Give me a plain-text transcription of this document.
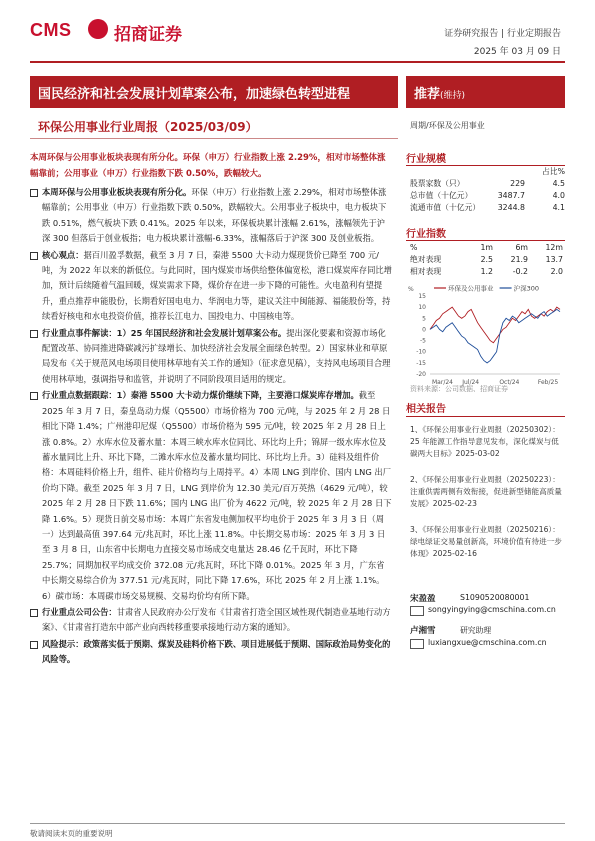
CMS	招商证券	证券研究报告 | 行业定期报告
2025 年 03 月 09 日
国民经济和社会发展计划草案公布，加速绿色转型进程	推荐(维持)
环保公用事业行业周报（2025/03/09）	周期/环保及公用事业
本周环保与公用事业板块表现有所分化。环保（申万）行业指数上涨 2.29%，相对市场整体涨幅靠前；公用事业（申万）行业指数下跌 0.50%，跌幅较大。
本周环保与公用事业板块表现有所分化。环保（申万）行业指数上涨 2.29%，相对市场整体涨幅靠前；公用事业（申万）行业指数下跌 0.50%，跌幅较大。公用事业子板块中，电力板块下跌 0.51%，燃气板块下跌 0.41%。2025 年以来，环保板块累计涨幅 2.61%，涨幅领先于沪深 300 但落后于创业板指；电力板块累计涨幅-6.33%，涨幅落后于沪深 300 及创业板指。
核心观点：据百川盈孚数据，截至 3 月 7 日，秦港 5500 大卡动力煤现货价已降至 700 元/吨，为 2022 年以来的新低位。与此同时，国内煤炭市场供给整体偏宽松，港口煤炭库存同比增加，预计后续随着气温回暖，煤炭需求下降，煤价存在进一步下降的可能性。火电盈利有望提升，重点推荐申能股份，长期看好国电电力、华润电力等，建议关注中闽能源、福能股份等，持续看好核电和水电投资价值，推荐长江电力、国投电力、中国核电等。
行业重点事件解读：1）25 年国民经济和社会发展计划草案公布。提出深化要素和资源市场化配置改革、协同推进降碳减污扩绿增长、加快经济社会发展全面绿色转型。2）国家林业和草原局发布《关于规范风电场项目使用林草地有关工作的通知》（征求意见稿），支持风电场项目合理使用林草地，强调指导和监管，并说明了不同阶段项目适用的规定。
行业重点数据跟踪：1）秦港 5500 大卡动力煤价继续下降，主要港口煤炭库存增加。截至 2025 年 3 月 7 日，秦皇岛动力煤（Q5500）市场价格为 700 元/吨，与 2025 年 2 月 28 日相比下降 1.4%；广州港印尼煤（Q5500）市场价格为 595 元/吨，较 2025 年 2 月 28 日上涨 0.8%。2）水库水位及蓄水量：本周三峡水库水位同比、环比均上升；锦屏一级水库水位及蓄水量同比上升、环比下降，二滩水库水位及蓄水量均同比、环比均上升。3）硅料及组件价格：本周硅料价格上升，组件、硅片价格均与上周持平。4）本周 LNG 到岸价、国内 LNG 出厂价均下降。截至 2025 年 3 月 7 日，LNG 到岸价为 12.30 美元/百万英热（4629 元/吨），较 2025 年 2 月 28 日下跌 11.6%；国内 LNG 出厂价为 4622 元/吨，较 2025 年 2 月 28 日下降 1.6%。5）现货日前交易市场：本周广东省发电侧加权平均电价于 2025 年 3 月 3 日（周一）达到最高值 397.64 元/兆瓦时，环比上涨 11.8%。中长期交易市场：2025 年 3 月 3 日至 3 月 8 日，山东省中长期电力直接交易市场成交电量达 28.46 亿千瓦时，环比下降 25.7%；同期加权平均成交价 372.08 元/兆瓦时，环比下降 0.01%。2025 年 3 月，广东省中长期交易综合价为 377.51 元/兆瓦时，同比下降 17.6%，环比 2025 年 2 月上涨 1.1%。6）碳市场：本周碳市场交易规模、交易均价均有所下降。
行业重点公司公告：甘肃省人民政府办公厅发布《甘肃省打造全国区域性现代制造业基地行动方案》、《甘肃省打造东中部产业向西转移重要承接地行动方案的通知》。
风险提示：政策落实低于预期、煤炭及硅料价格下跌、项目进展低于预期、国际政治局势变化的风险等。
行业规模
占比%
股票家数（只）	229	4.5
总市值（十亿元）	3487.7	4.0
流通市值（十亿元）	3244.8	4.1
行业指数
%	1m	6m	12m
绝对表现	2.5	21.9	13.7
相对表现	1.2	-0.2	2.0
%
15
10
5
0
-5
-10
-15
-20
环保及公用事业	沪深300
Mar/24 Jul/24	Oct/24	Feb/25
资料来源：公司数据、招商证券
相关报告
1、《环保公用事业行业周报（20250302）：25 年能源工作指导意见发布，深化煤炭与低碳两大目标》2025-03-02
2、《环保公用事业行业周报（20250223）：注重供需两侧有效衔接，促进新型储能高质量发展》2025-02-23
3、《环保公用事业行业周报（20250216）：绿电绿证交易量创新高，环境价值有待进一步体现》2025-02-16
宋盈盈	S1090520080001
songyingying@cmschina.com.cn
卢湘雪	研究助理
luxiangxue@cmschina.com.cn
敬请阅读末页的重要说明
